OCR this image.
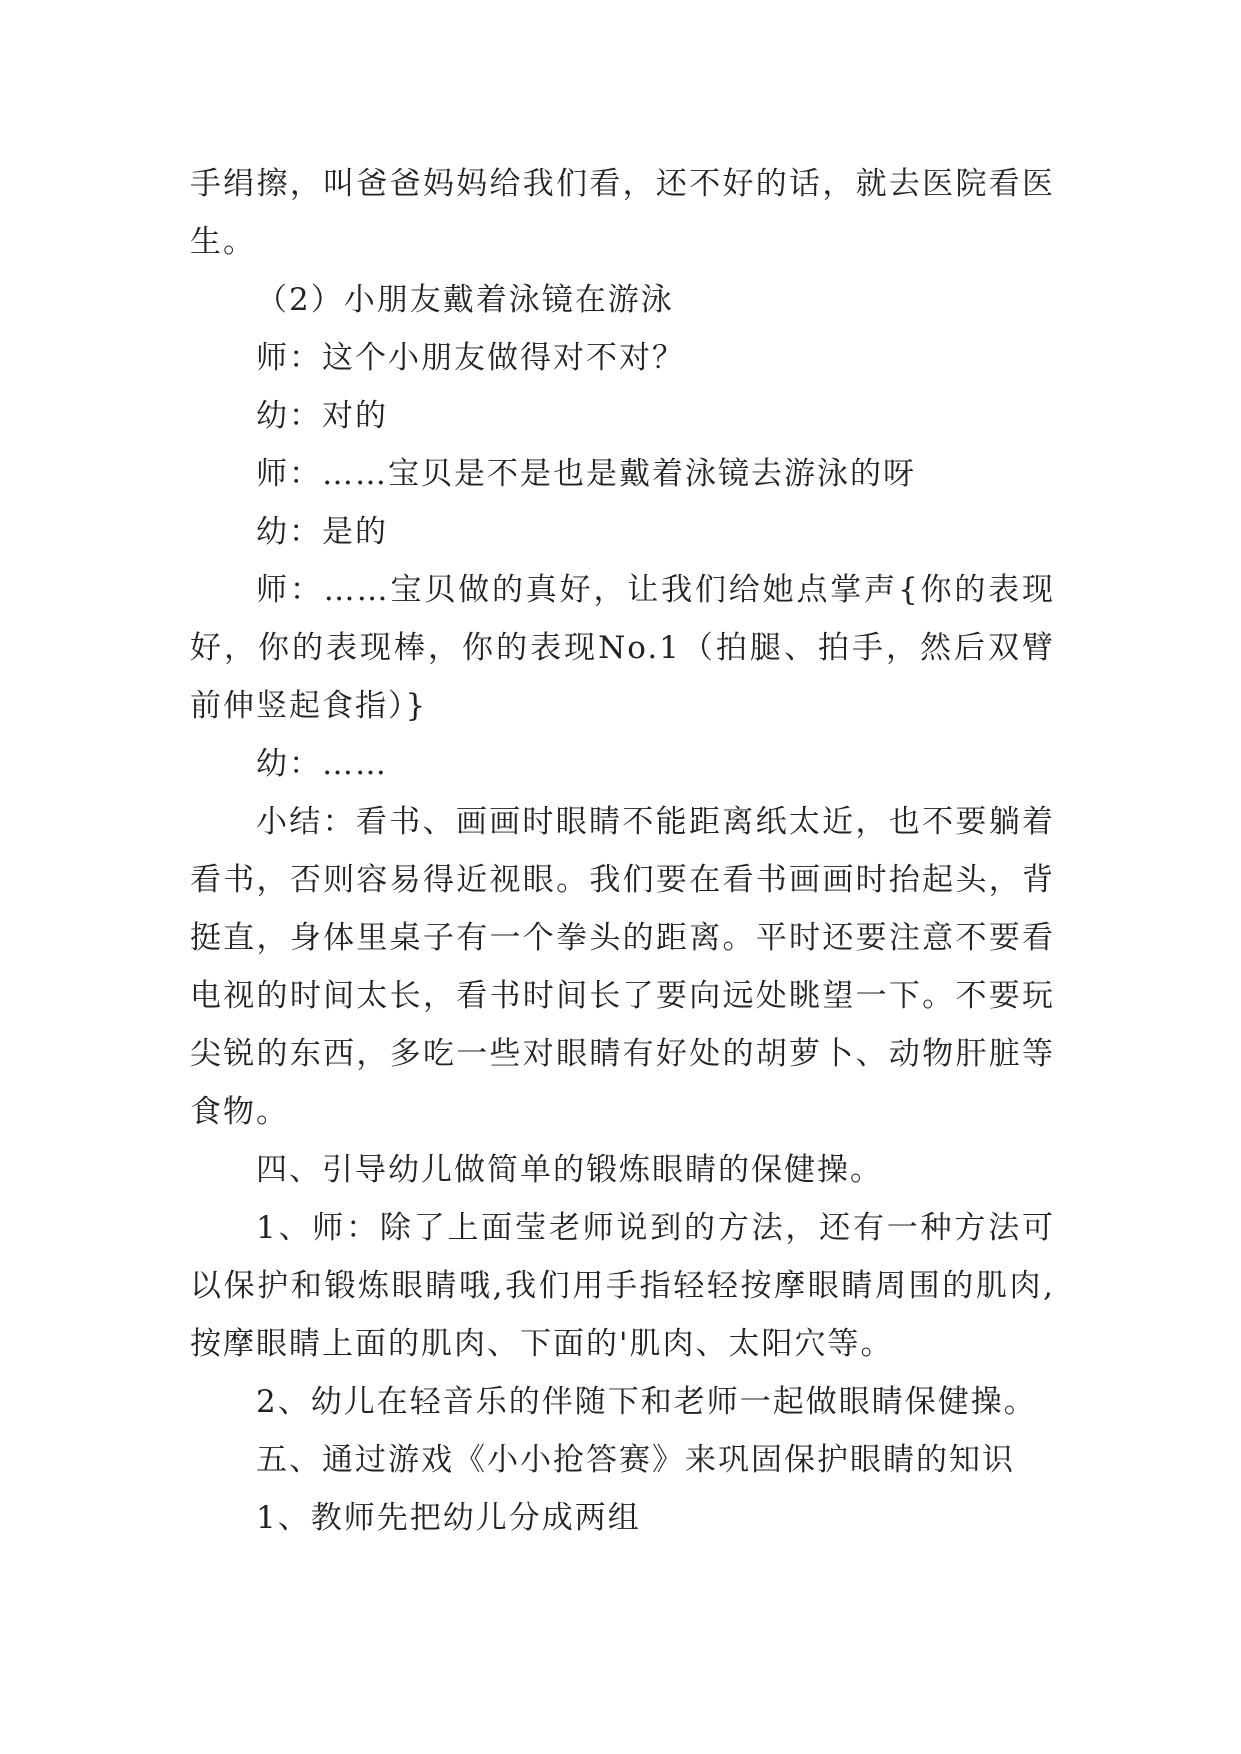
手绢擦，叫爸爸妈妈给我们看，还不好的话，就去医院看医生。

（2）小朋友戴着泳镜在游泳

师：这个小朋友做得对不对？

幼：对的

师：……宝贝是不是也是戴着泳镜去游泳的呀

幼：是的

师：……宝贝做的真好，让我们给她点掌声{你的表现好，你的表现棒，你的表现No.1（拍腿、拍手，然后双臂前伸竖起食指）}

幼：……

小结：看书、画画时眼睛不能距离纸太近，也不要躺着看书，否则容易得近视眼。我们要在看书画画时抬起头，背挺直，身体里桌子有一个拳头的距离。平时还要注意不要看电视的时间太长，看书时间长了要向远处眺望一下。不要玩尖锐的东西，多吃一些对眼睛有好处的胡萝卜、动物肝脏等食物。

四、引导幼儿做简单的锻炼眼睛的保健操。

1、师：除了上面莹老师说到的方法，还有一种方法可以保护和锻炼眼睛哦,我们用手指轻轻按摩眼睛周围的肌肉,按摩眼睛上面的肌肉、下面的'肌肉、太阳穴等。

2、幼儿在轻音乐的伴随下和老师一起做眼睛保健操。

五、通过游戏《小小抢答赛》来巩固保护眼睛的知识

1、教师先把幼儿分成两组
